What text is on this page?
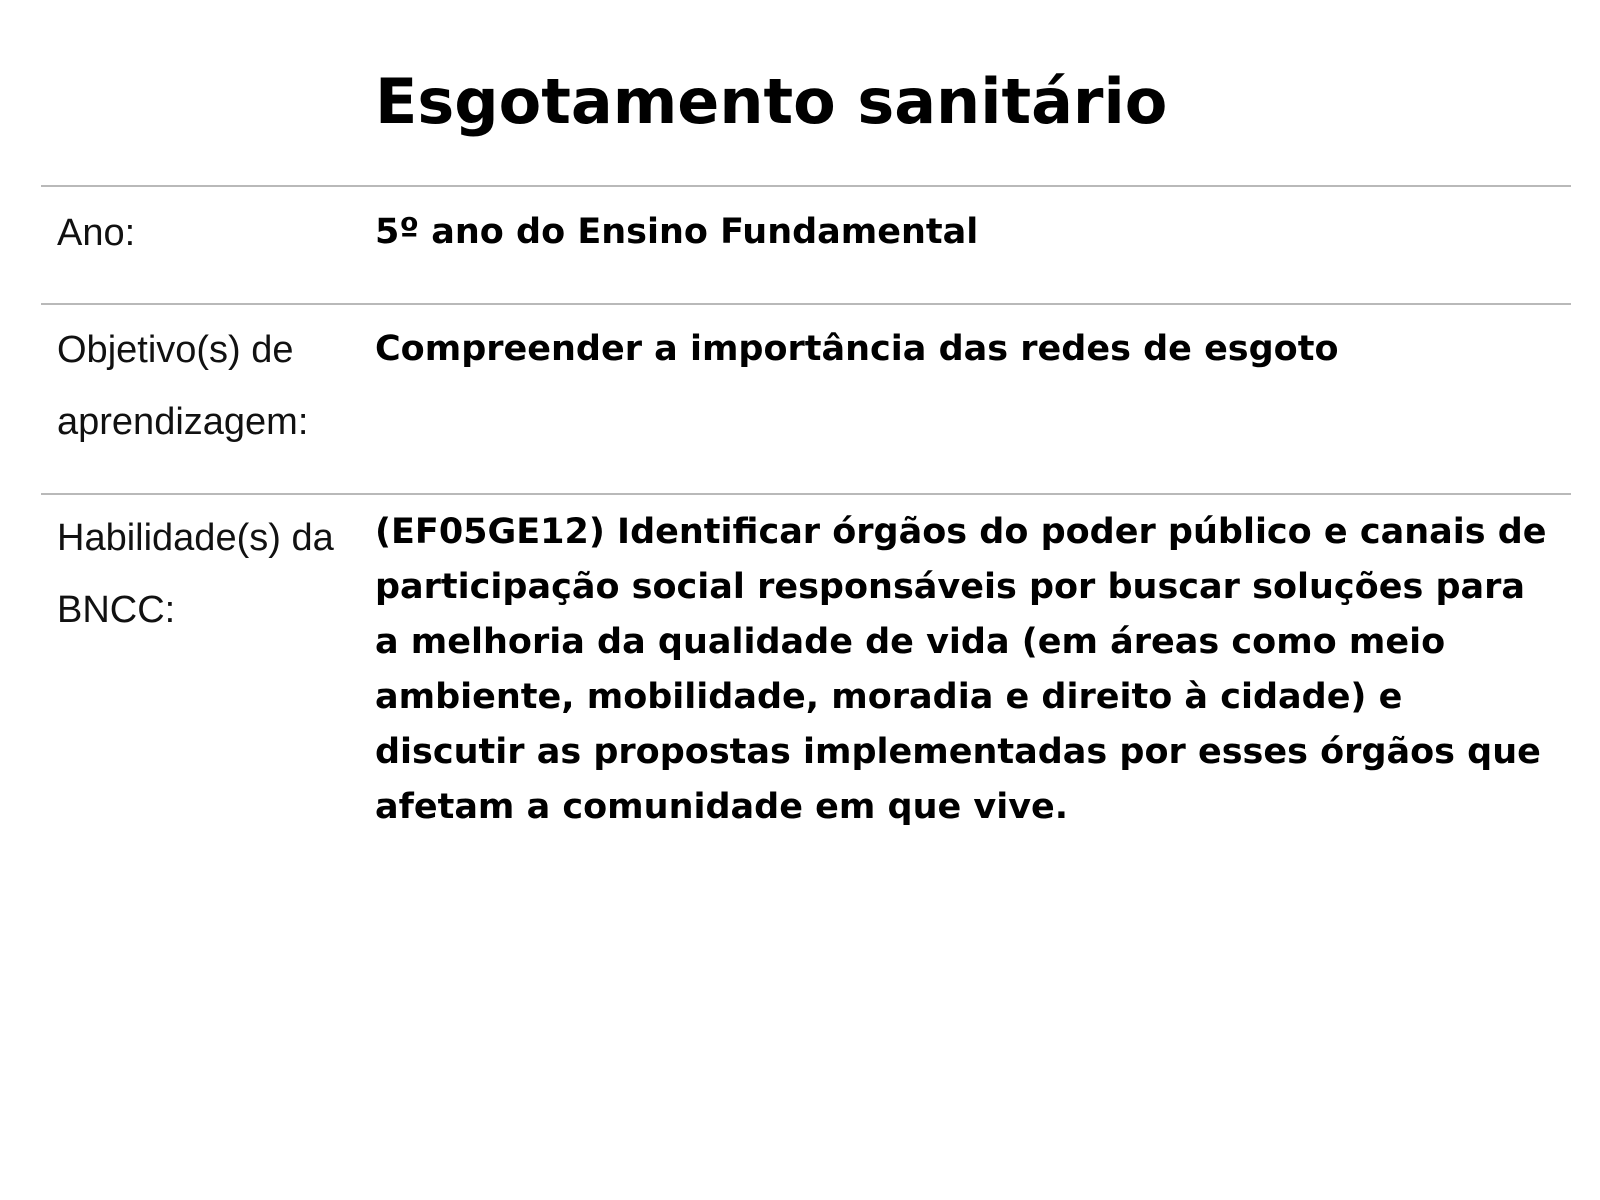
Esgotamento sanitário
Ano:	5º ano do Ensino Fundamental
Objetivo(s) de aprendizagem:
Compreender a importância das redes de esgoto
Habilidade(s) da BNCC:
(EF05GE12) Identificar órgãos do poder público e canais de participação social responsáveis por buscar soluções para a melhoria da qualidade de vida (em áreas como meio ambiente, mobilidade, moradia e direito à cidade) e discutir as propostas implementadas por esses órgãos que afetam a comunidade em que vive.
